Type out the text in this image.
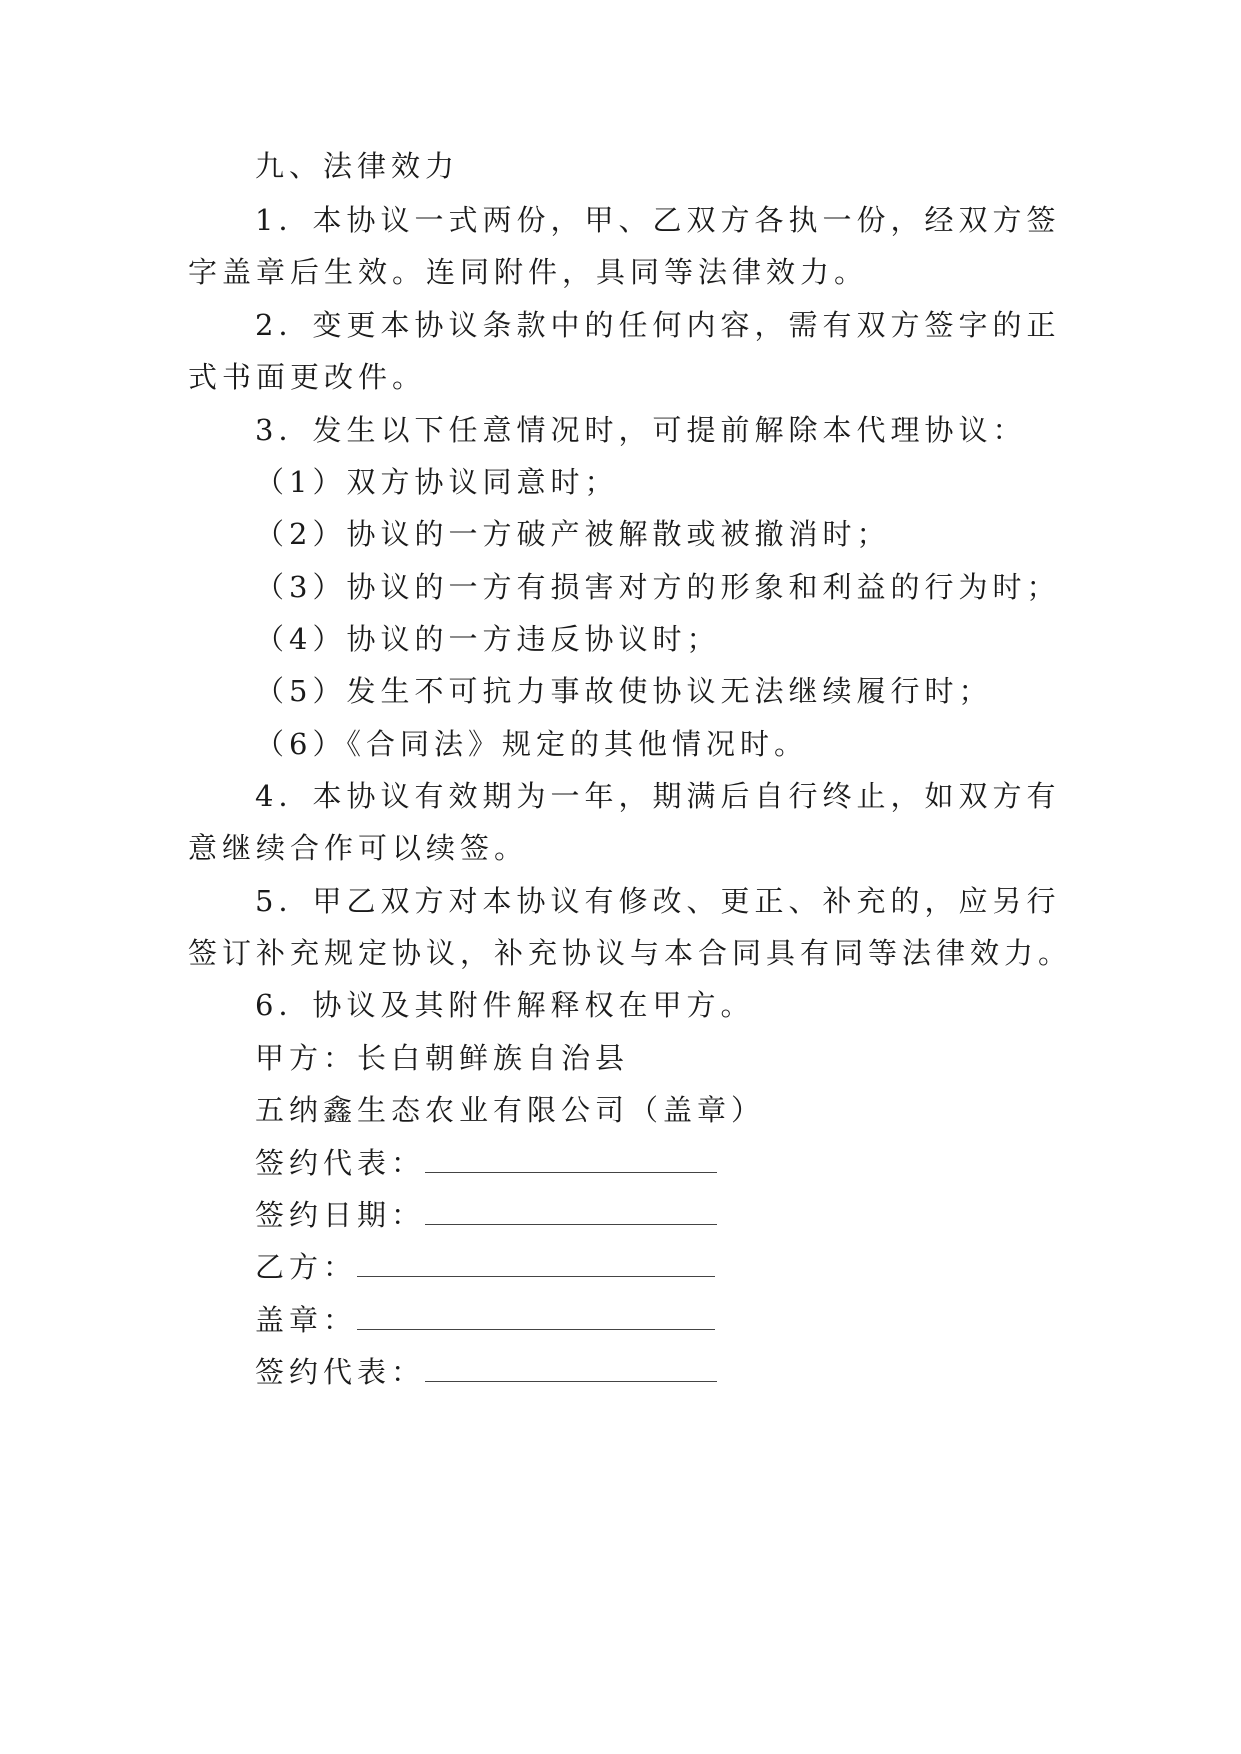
九、法律效力
1．本协议一式两份，甲、乙双方各执一份，经双方签
字盖章后生效。连同附件，具同等法律效力。
2．变更本协议条款中的任何内容，需有双方签字的正
式书面更改件。
3．发生以下任意情况时，可提前解除本代理协议：
（1）双方协议同意时；
（2）协议的一方破产被解散或被撤消时；
（3）协议的一方有损害对方的形象和利益的行为时；
（4）协议的一方违反协议时；
（5）发生不可抗力事故使协议无法继续履行时；
（6）《合同法》规定的其他情况时。
4．本协议有效期为一年，期满后自行终止，如双方有
意继续合作可以续签。
5．甲乙双方对本协议有修改、更正、补充的，应另行
签订补充规定协议，补充协议与本合同具有同等法律效力。
6．协议及其附件解释权在甲方。
甲方：长白朝鲜族自治县
五纳鑫生态农业有限公司（盖章）
签约代表：
签约日期：
乙方：
盖章：
签约代表：
